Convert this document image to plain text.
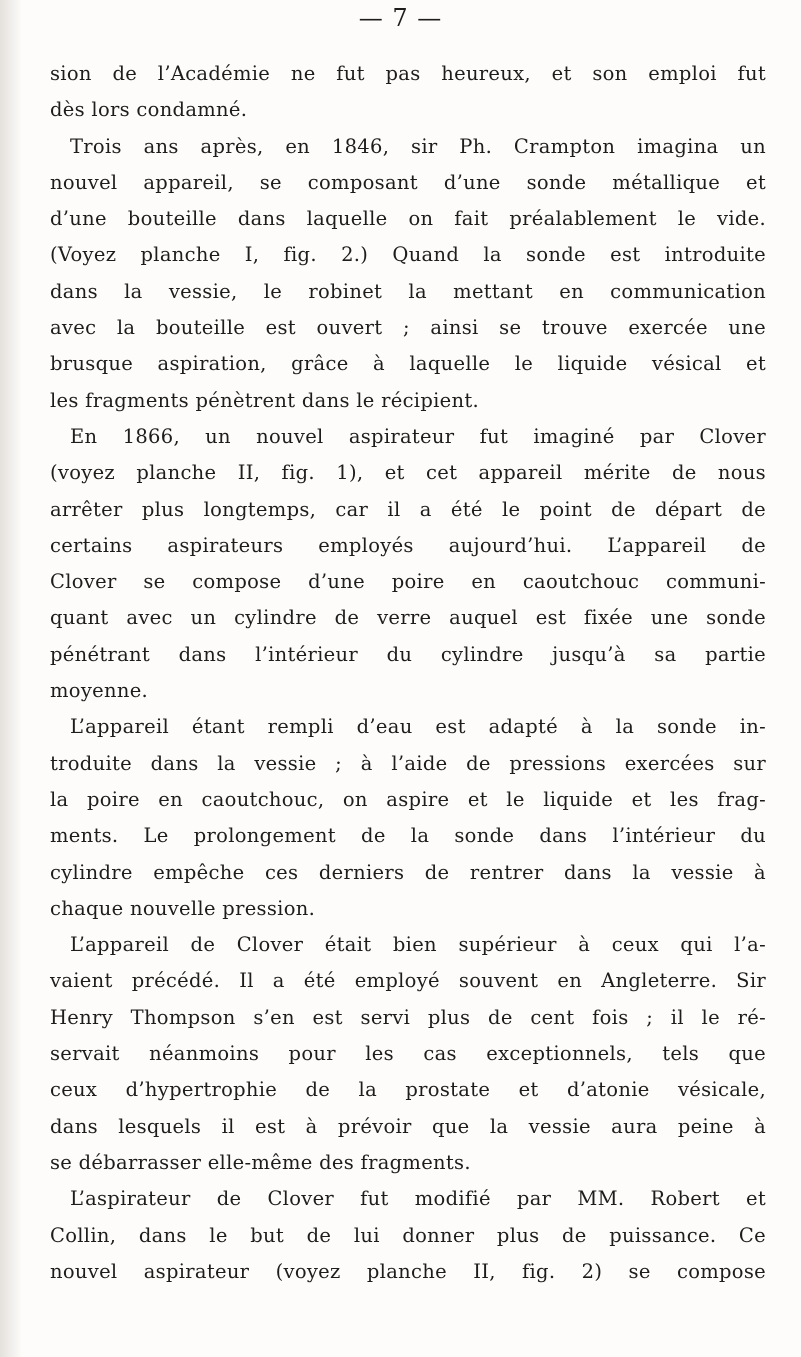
— 7 —

sion de l’Académie ne fut pas heureux, et son emploi fut
dès lors condamné.
Trois ans après, en 1846, sir Ph. Crampton imagina un
nouvel appareil, se composant d’une sonde métallique et
d’une bouteille dans laquelle on fait préalablement le vide.
(Voyez planche I, fig. 2.) Quand la sonde est introduite
dans la vessie, le robinet la mettant en communication
avec la bouteille est ouvert ; ainsi se trouve exercée une
brusque aspiration, grâce à laquelle le liquide vésical et
les fragments pénètrent dans le récipient.
En 1866, un nouvel aspirateur fut imaginé par Clover
(voyez planche II, fig. 1), et cet appareil mérite de nous
arrêter plus longtemps, car il a été le point de départ de
certains aspirateurs employés aujourd’hui. L’appareil de
Clover se compose d’une poire en caoutchouc communi-
quant avec un cylindre de verre auquel est fixée une sonde
pénétrant dans l’intérieur du cylindre jusqu’à sa partie
moyenne.
L’appareil étant rempli d’eau est adapté à la sonde in-
troduite dans la vessie ; à l’aide de pressions exercées sur
la poire en caoutchouc, on aspire et le liquide et les frag-
ments. Le prolongement de la sonde dans l’intérieur du
cylindre empêche ces derniers de rentrer dans la vessie à
chaque nouvelle pression.
L’appareil de Clover était bien supérieur à ceux qui l’a-
vaient précédé. Il a été employé souvent en Angleterre. Sir
Henry Thompson s’en est servi plus de cent fois ; il le ré-
servait néanmoins pour les cas exceptionnels, tels que
ceux d’hypertrophie de la prostate et d’atonie vésicale,
dans lesquels il est à prévoir que la vessie aura peine à
se débarrasser elle-même des fragments.
L’aspirateur de Clover fut modifié par MM. Robert et
Collin, dans le but de lui donner plus de puissance. Ce
nouvel aspirateur (voyez planche II, fig. 2) se compose
